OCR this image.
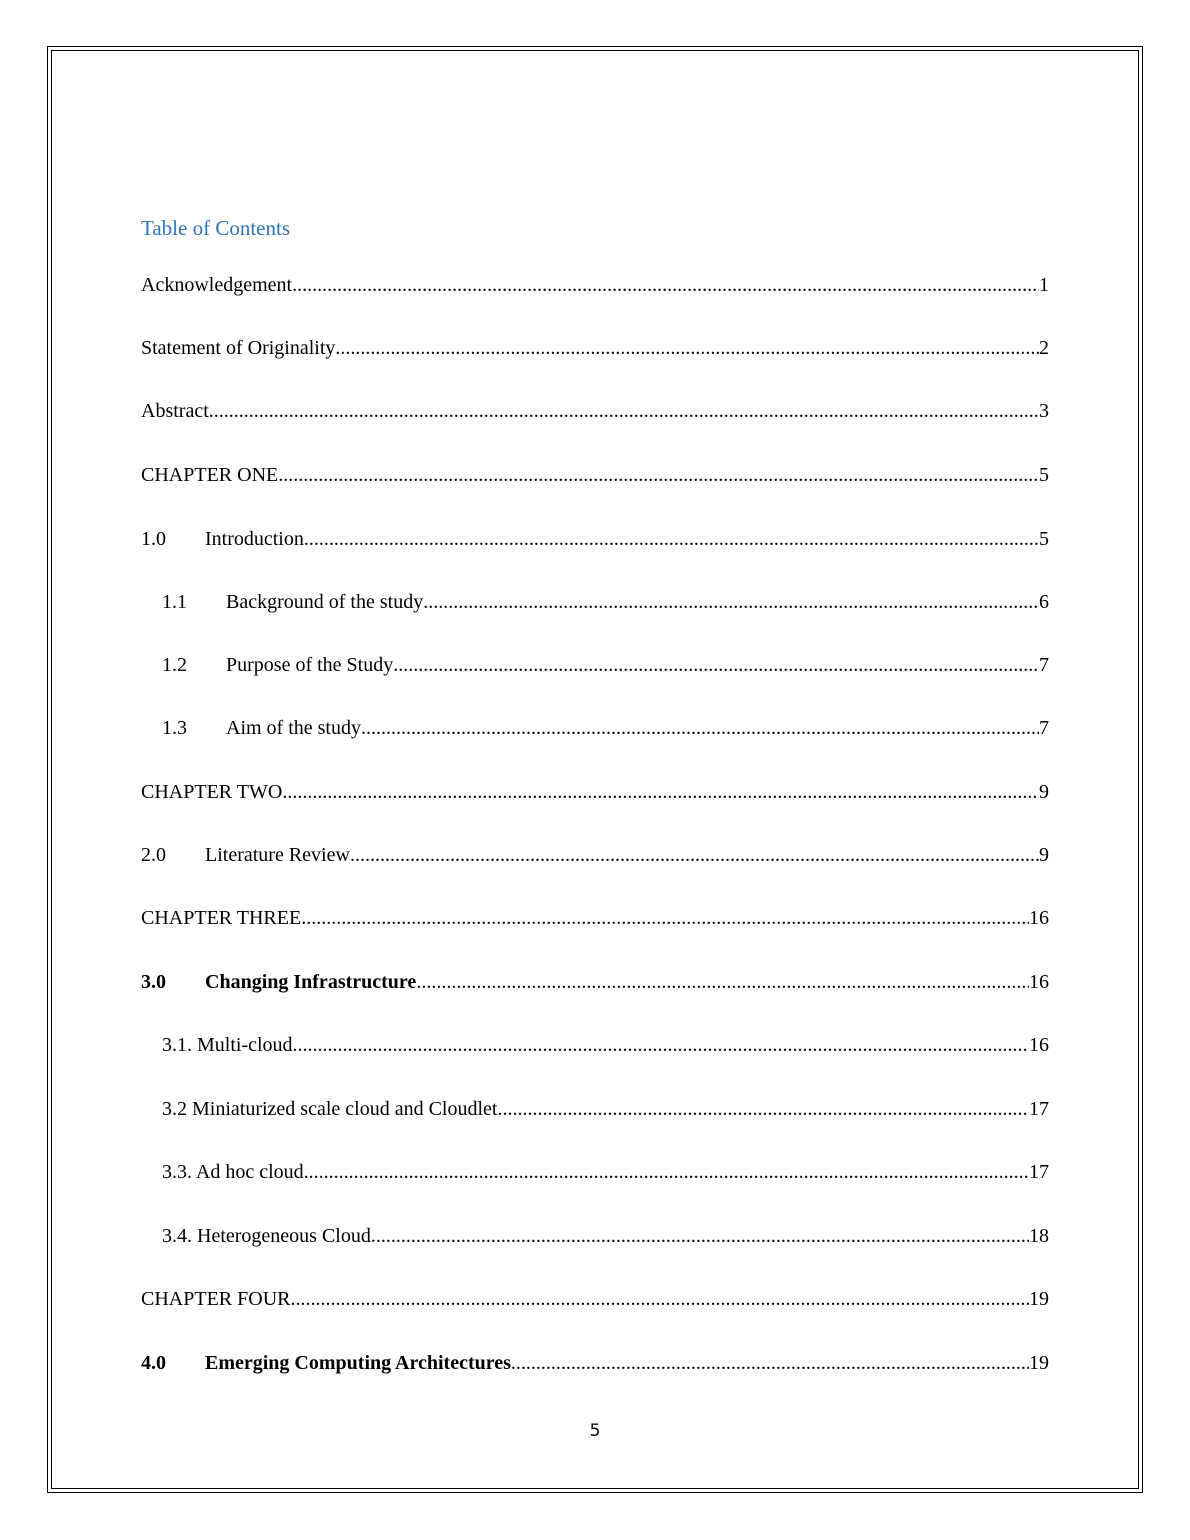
Table of Contents
Acknowledgement .....	1
Statement of Originality .....	2
Abstract .....	3
CHAPTER ONE .....	5
1.0	Introduction .....	5
1.1	Background of the study .....	6
1.2	Purpose of the Study .....	7
1.3	Aim of the study .....	7
CHAPTER TWO .....	9
2.0	Literature Review .....	9
CHAPTER THREE .....	16
3.0	Changing Infrastructure .....	16
3.1. Multi-cloud .....	16
3.2 Miniaturized scale cloud and Cloudlet .....	17
3.3. Ad hoc cloud .....	17
3.4. Heterogeneous Cloud .....	18
CHAPTER FOUR .....	19
4.0	Emerging Computing Architectures .....	19
5
